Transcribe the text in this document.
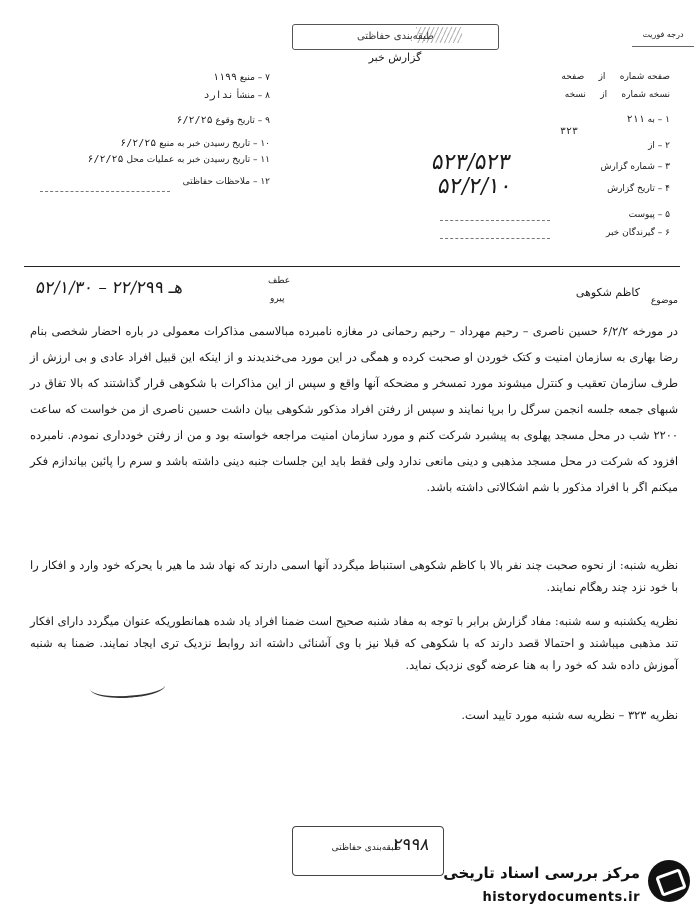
درجه فوریت
طبقه‌بندی حفاظتی
گزارش خبر
۷ – منبع ۱۱۹۹
۸ – منشأ ندارد
۹ – تاریخ وقوع ۶/۲/۲۵
۱۰ – تاریخ رسیدن خبر به منبع ۶/۲/۲۵
۱۱ – تاریخ رسیدن خبر به عملیات محل ۶/۲/۲۵
۱۲ – ملاحظات حفاظتی
صفحه شماره     از     صفحه
نسخه شماره     از     نسخه
۱ – به ۲۱۱
۳۲۳
۲ – از
۳ – شماره گزارش
۵۲۳/۵۲۳
۴ – تاریخ گزارش
۵۲/۲/۱۰
۵ – پیوست
۶ – گیرندگان خبر
۵۲/۱/۳۰ – ۲۲/۲۹۹ هـ	عطف
پیرو	کاظم شکوهی
موضوع

در مورخه ۶/۲/۲ حسین ناصری – رحیم مهرداد – رحیم رحمانی در مغازه نامبرده مبالاسمی مذاکرات معمولی در باره احضار شخصی بنام رضا بهاری به سازمان امنیت و کتک خوردن او صحبت کرده و همگی در این مورد می‌خندیدند و از اینکه این قبیل افراد عادی و بی ارزش از طرف سازمان تعقیب و کنترل میشوند مورد تمسخر و مضحکه آنها واقع و سپس از این مذاکرات با شکوهی قرار گذاشتند که بالا تفاق در شبهای جمعه جلسه انجمن سرگل را برپا نمایند و سپس از رفتن افراد مذکور شکوهی بیان داشت حسین ناصری از من خواست که ساعت ۲۲۰۰ شب در محل مسجد پهلوی به پیشبرد شرکت کنم و مورد سازمان امنیت مراجعه خواسته بود و من از رفتن خودداری نمودم. نامبرده افزود که شرکت در محل مسجد مذهبی و دینی مانعی ندارد ولی فقط باید این جلسات جنبه دینی داشته باشد و سرم را پائین بیاندازم فکر میکنم اگر با افراد مذکور با شم اشکالاتی داشته باشد.

نظریه شنبه: از نحوه صحبت چند نفر بالا با کاظم شکوهی استنباط میگردد آنها اسمی دارند که نهاد شد ما هیر با یحرکه خود وارد و افکار را با خود نزد چند رهگام نمایند.

نظریه یکشنبه و سه شنبه: مفاد گزارش برابر با توجه به مفاد شنبه صحیح است ضمنا افراد یاد شده همانطوریکه عنوان میگردد دارای افکار تند مذهبی میباشند و احتمالا قصد دارند که با شکوهی که قبلا نیز با وی آشنائی داشته اند روابط نزدیک تری ایجاد نمایند. ضمنا به شنبه آموزش داده شد که خود را به هنا عرضه گوی نزدیک نماید.

نظریه ۳۲۳ – نظریه سه شنبه مورد تایید است.

طبقه‌بندی حفاظتی
۲۹۹۸
مرکز بررسی اسناد تاریخی
historydocuments.ir
